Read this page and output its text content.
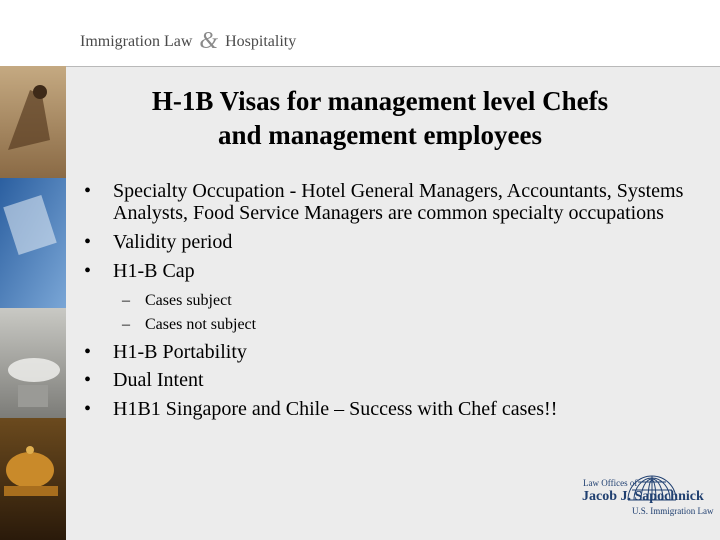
Immigration Law & Hospitality
H-1B Visas for management level Chefs
and management employees
• Specialty Occupation - Hotel General Managers, Accountants, Systems Analysts, Food Service Managers are common specialty occupations
• Validity period
• H1-B Cap
– Cases subject
– Cases not subject
• H1-B Portability
• Dual Intent
• H1B1 Singapore and Chile – Success with Chef cases!!
Law Offices of
Jacob J. Sapochnick
U.S. Immigration Law
